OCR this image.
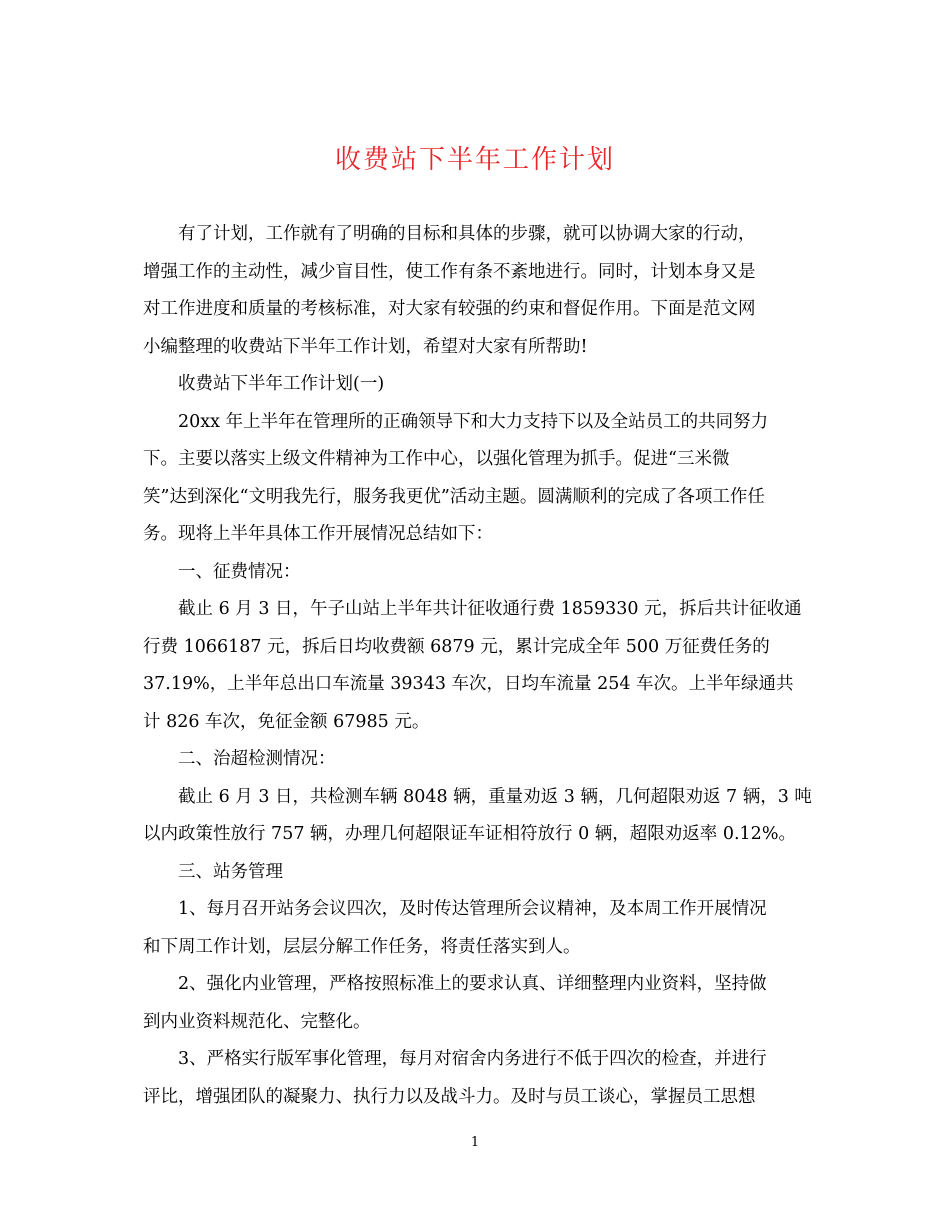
收费站下半年工作计划
有了计划，工作就有了明确的目标和具体的步骤，就可以协调大家的行动，
增强工作的主动性，减少盲目性，使工作有条不紊地进行。同时，计划本身又是
对工作进度和质量的考核标准，对大家有较强的约束和督促作用。下面是范文网
小编整理的收费站下半年工作计划，希望对大家有所帮助!
收费站下半年工作计划(一)
20xx 年上半年在管理所的正确领导下和大力支持下以及全站员工的共同努力
下。主要以落实上级文件精神为工作中心，以强化管理为抓手。促进“三米微
笑”达到深化“文明我先行，服务我更优”活动主题。圆满顺利的完成了各项工作任
务。现将上半年具体工作开展情况总结如下：
一、征费情况：
截止 6 月 3 日，午子山站上半年共计征收通行费 1859330 元，拆后共计征收通
行费 1066187 元，拆后日均收费额 6879 元，累计完成全年 500 万征费任务的
37.19%，上半年总出口车流量 39343 车次，日均车流量 254 车次。上半年绿通共
计 826 车次，免征金额 67985 元。
二、治超检测情况：
截止 6 月 3 日，共检测车辆 8048 辆，重量劝返 3 辆，几何超限劝返 7 辆，3 吨
以内政策性放行 757 辆，办理几何超限证车证相符放行 0 辆，超限劝返率 0.12%。
三、站务管理
1、每月召开站务会议四次，及时传达管理所会议精神，及本周工作开展情况
和下周工作计划，层层分解工作任务，将责任落实到人。
2、强化内业管理，严格按照标准上的要求认真、详细整理内业资料，坚持做
到内业资料规范化、完整化。
3、严格实行版军事化管理，每月对宿舍内务进行不低于四次的检查，并进行
评比，增强团队的凝聚力、执行力以及战斗力。及时与员工谈心，掌握员工思想
1
